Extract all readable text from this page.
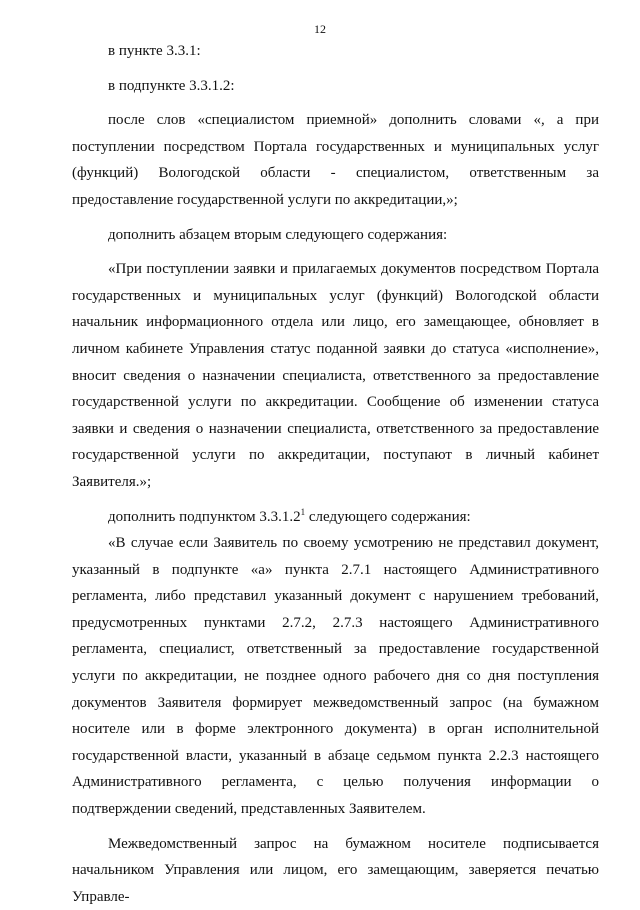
12

в пункте 3.3.1:

в подпункте 3.3.1.2:

после слов «специалистом приемной» дополнить словами «, а при поступлении посредством Портала государственных и муниципальных услуг (функций) Вологодской области - специалистом, ответственным за предоставление государственной услуги по аккредитации,»;

дополнить абзацем вторым следующего содержания:

«При поступлении заявки и прилагаемых документов посредством Портала государственных и муниципальных услуг (функций) Вологодской области начальник информационного отдела или лицо, его замещающее, обновляет в личном кабинете Управления статус поданной заявки до статуса «исполнение», вносит сведения о назначении специалиста, ответственного за предоставление государственной услуги по аккредитации. Сообщение об изменении статуса заявки и сведения о назначении специалиста, ответственного за предоставление государственной услуги по аккредитации, поступают в личный кабинет Заявителя.»;

дополнить подпунктом 3.3.1.2$^1$ следующего содержания:

«В случае если Заявитель по своему усмотрению не представил документ, указанный в подпункте «а» пункта 2.7.1 настоящего Административного регламента, либо представил указанный документ с нарушением требований, предусмотренных пунктами 2.7.2, 2.7.3 настоящего Административного регламента, специалист, ответственный за предоставление государственной услуги по аккредитации, не позднее одного рабочего дня со дня поступления документов Заявителя формирует межведомственный запрос (на бумажном носителе или в форме электронного документа) в орган исполнительной государственной власти, указанный в абзаце седьмом пункта 2.2.3 настоящего Административного регламента, с целью получения информации о подтверждении сведений, представленных Заявителем.

Межведомственный запрос на бумажном носителе подписывается начальником Управления или лицом, его замещающим, заверяется печатью Управле-
